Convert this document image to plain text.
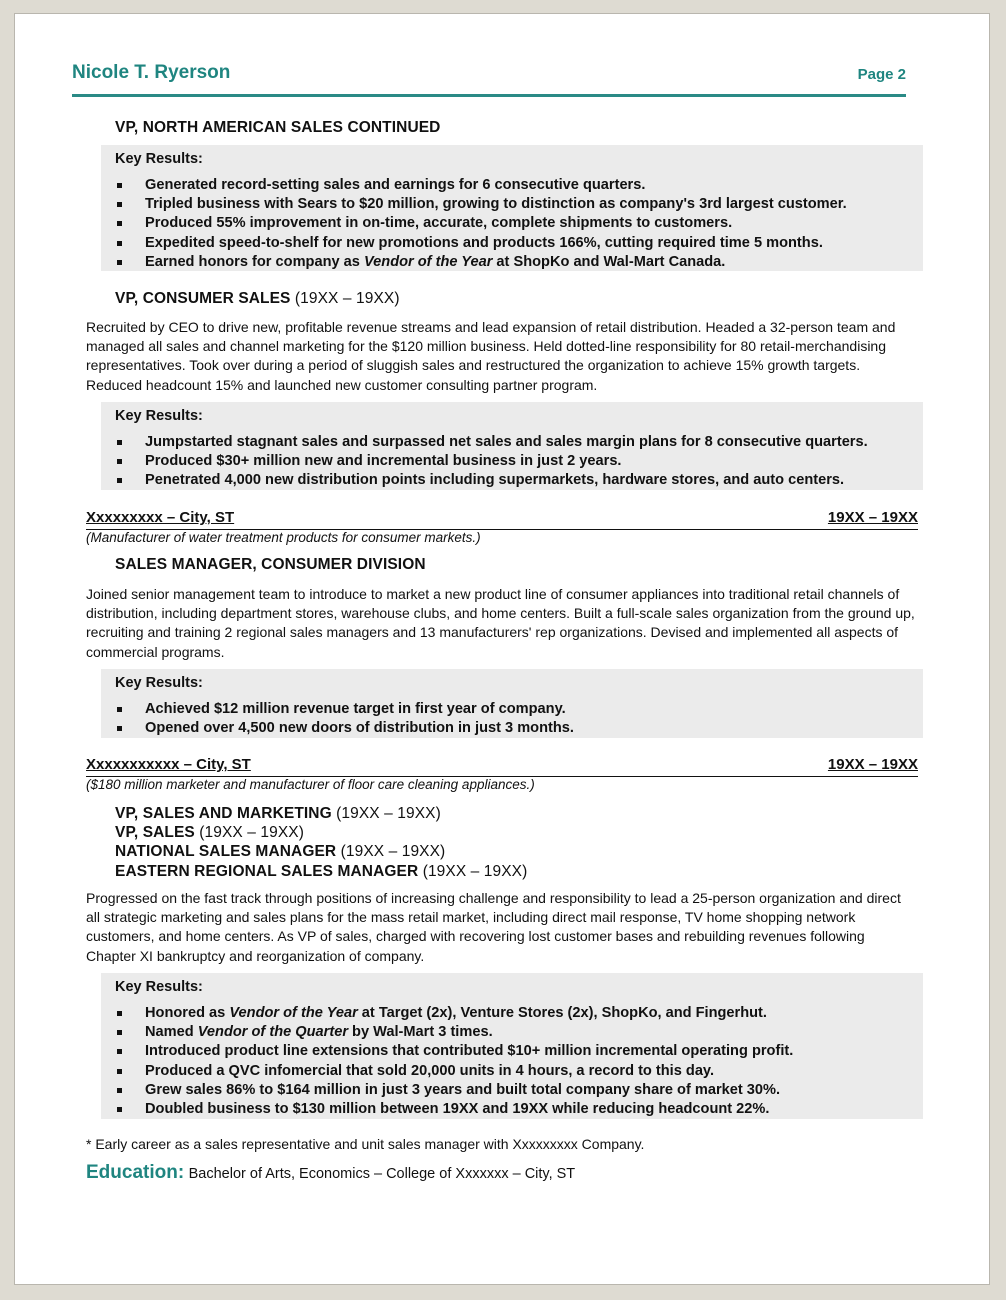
Nicole T. Ryerson	Page 2
VP, NORTH AMERICAN SALES CONTINUED
Key Results:
Generated record-setting sales and earnings for 6 consecutive quarters.
Tripled business with Sears to $20 million, growing to distinction as company's 3rd largest customer.
Produced 55% improvement in on-time, accurate, complete shipments to customers.
Expedited speed-to-shelf for new promotions and products 166%, cutting required time 5 months.
Earned honors for company as Vendor of the Year at ShopKo and Wal-Mart Canada.
VP, CONSUMER SALES (19XX – 19XX)
Recruited by CEO to drive new, profitable revenue streams and lead expansion of retail distribution. Headed a 32-person team and managed all sales and channel marketing for the $120 million business. Held dotted-line responsibility for 80 retail-merchandising representatives. Took over during a period of sluggish sales and restructured the organization to achieve 15% growth targets. Reduced headcount 15% and launched new customer consulting partner program.
Key Results:
Jumpstarted stagnant sales and surpassed net sales and sales margin plans for 8 consecutive quarters.
Produced $30+ million new and incremental business in just 2 years.
Penetrated 4,000 new distribution points including supermarkets, hardware stores, and auto centers.
Xxxxxxxxx – City, ST	19XX – 19XX
(Manufacturer of water treatment products for consumer markets.)
SALES MANAGER, CONSUMER DIVISION
Joined senior management team to introduce to market a new product line of consumer appliances into traditional retail channels of distribution, including department stores, warehouse clubs, and home centers. Built a full-scale sales organization from the ground up, recruiting and training 2 regional sales managers and 13 manufacturers' rep organizations. Devised and implemented all aspects of commercial programs.
Key Results:
Achieved $12 million revenue target in first year of company.
Opened over 4,500 new doors of distribution in just 3 months.
Xxxxxxxxxxx – City, ST	19XX – 19XX
($180 million marketer and manufacturer of floor care cleaning appliances.)
VP, SALES AND MARKETING (19XX – 19XX)
VP, SALES (19XX – 19XX)
NATIONAL SALES MANAGER (19XX – 19XX)
EASTERN REGIONAL SALES MANAGER (19XX – 19XX)
Progressed on the fast track through positions of increasing challenge and responsibility to lead a 25-person organization and direct all strategic marketing and sales plans for the mass retail market, including direct mail response, TV home shopping network customers, and home centers. As VP of sales, charged with recovering lost customer bases and rebuilding revenues following Chapter XI bankruptcy and reorganization of company.
Key Results:
Honored as Vendor of the Year at Target (2x), Venture Stores (2x), ShopKo, and Fingerhut.
Named Vendor of the Quarter by Wal-Mart 3 times.
Introduced product line extensions that contributed $10+ million incremental operating profit.
Produced a QVC infomercial that sold 20,000 units in 4 hours, a record to this day.
Grew sales 86% to $164 million in just 3 years and built total company share of market 30%.
Doubled business to $130 million between 19XX and 19XX while reducing headcount 22%.
* Early career as a sales representative and unit sales manager with Xxxxxxxxx Company.
Education: Bachelor of Arts, Economics – College of Xxxxxxx – City, ST
